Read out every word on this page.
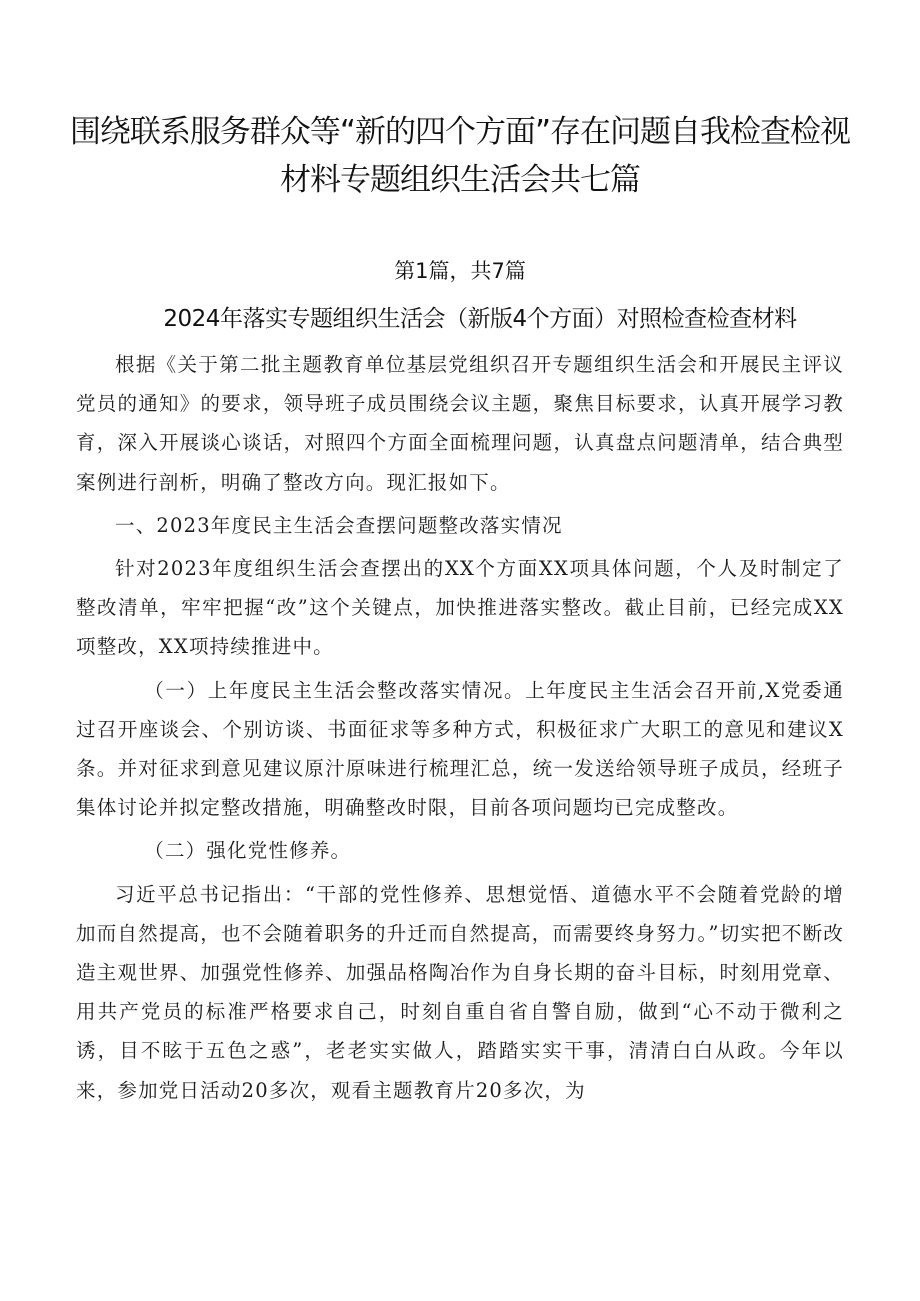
围绕联系服务群众等“新的四个方面”存在问题自我检查检视材料专题组织生活会共七篇
第1篇，共7篇
2024年落实专题组织生活会（新版4个方面）对照检查检查材料

根据《关于第二批主题教育单位基层党组织召开专题组织生活会和开展民主评议党员的通知》的要求，领导班子成员围绕会议主题，聚焦目标要求，认真开展学习教育，深入开展谈心谈话，对照四个方面全面梳理问题，认真盘点问题清单，结合典型案例进行剖析，明确了整改方向。现汇报如下。

一、2023年度民主生活会查摆问题整改落实情况

针对2023年度组织生活会查摆出的XX个方面XX项具体问题，个人及时制定了整改清单，牢牢把握“改”这个关键点，加快推进落实整改。截止目前，已经完成XX项整改，XX项持续推进中。

（一）上年度民主生活会整改落实情况。上年度民主生活会召开前,X党委通过召开座谈会、个别访谈、书面征求等多种方式，积极征求广大职工的意见和建议X条。并对征求到意见建议原汁原味进行梳理汇总，统一发送给领导班子成员，经班子集体讨论并拟定整改措施，明确整改时限，目前各项问题均已完成整改。

（二）强化党性修养。

习近平总书记指出：“干部的党性修养、思想觉悟、道德水平不会随着党龄的增加而自然提高，也不会随着职务的升迁而自然提高，而需要终身努力。”切实把不断改造主观世界、加强党性修养、加强品格陶冶作为自身长期的奋斗目标，时刻用党章、用共产党员的标准严格要求自己，时刻自重自省自警自励，做到“心不动于微利之诱，目不眩于五色之惑”，老老实实做人，踏踏实实干事，清清白白从政。今年以来，参加党日活动20多次，观看主题教育片20多次，为
